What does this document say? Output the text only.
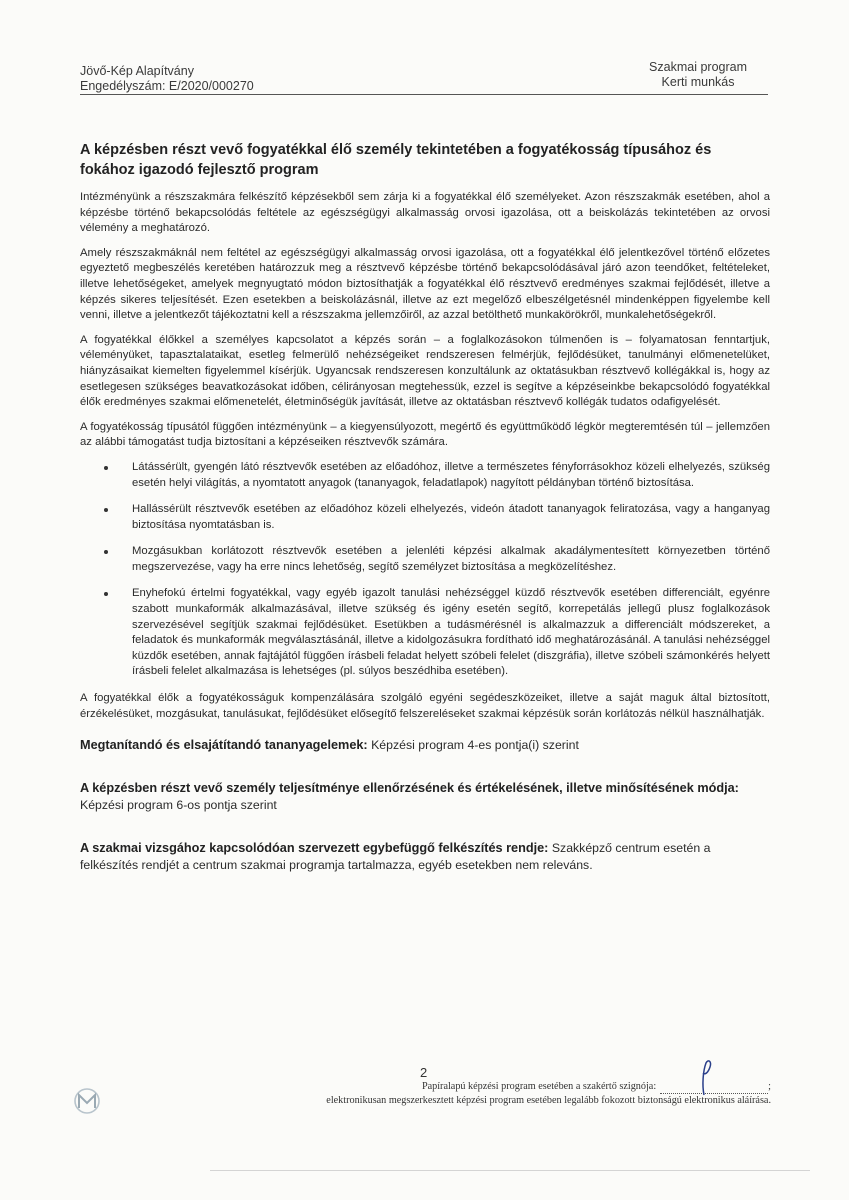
Jövő-Kép Alapítvány
Engedélyszám: E/2020/000270
Szakmai program
Kerti munkás
A képzésben részt vevő fogyatékkal élő személy tekintetében a fogyatékosság típusához és fokához igazodó fejlesztő program

Intézményünk a részszakmára felkészítő képzésekből sem zárja ki a fogyatékkal élő személyeket. Azon részszakmák esetében, ahol a képzésbe történő bekapcsolódás feltétele az egészségügyi alkalmasság orvosi igazolása, ott a beiskolázás tekintetében az orvosi vélemény a meghatározó.

Amely részszakmáknál nem feltétel az egészségügyi alkalmasság orvosi igazolása, ott a fogyatékkal élő jelentkezővel történő előzetes egyeztető megbeszélés keretében határozzuk meg a résztvevő képzésbe történő bekapcsolódásával járó azon teendőket, feltételeket, illetve lehetőségeket, amelyek megnyugtató módon biztosíthatják a fogyatékkal élő résztvevő eredményes szakmai fejlődését, illetve a képzés sikeres teljesítését. Ezen esetekben a beiskolázásnál, illetve az ezt megelőző elbeszélgetésnél mindenképpen figyelembe kell venni, illetve a jelentkezőt tájékoztatni kell a részszakma jellemzőiről, az azzal betölthető munkakörökről, munkalehetőségekről.

A fogyatékkal élőkkel a személyes kapcsolatot a képzés során – a foglalkozásokon túlmenően is – folyamatosan fenntartjuk, véleményüket, tapasztalataikat, esetleg felmerülő nehézségeiket rendszeresen felmérjük, fejlődésüket, tanulmányi előmenetelüket, hiányzásaikat kiemelten figyelemmel kísérjük. Ugyancsak rendszeresen konzultálunk az oktatásukban résztvevő kollégákkal is, hogy az esetlegesen szükséges beavatkozásokat időben, célirányosan megtehessük, ezzel is segítve a képzéseinkbe bekapcsolódó fogyatékkal élők eredményes szakmai előmenetelét, életminőségük javítását, illetve az oktatásban résztvevő kollégák tudatos odafigyelését.

A fogyatékosság típusától függően intézményünk – a kiegyensúlyozott, megértő és együttműködő légkör megteremtésén túl – jellemzően az alábbi támogatást tudja biztosítani a képzéseiken résztvevők számára.

Látássérült, gyengén látó résztvevők esetében az előadóhoz, illetve a természetes fényforrásokhoz közeli elhelyezés, szükség esetén helyi világítás, a nyomtatott anyagok (tananyagok, feladatlapok) nagyított példányban történő biztosítása.
Hallássérült résztvevők esetében az előadóhoz közeli elhelyezés, videón átadott tananyagok feliratozása, vagy a hanganyag biztosítása nyomtatásban is.
Mozgásukban korlátozott résztvevők esetében a jelenléti képzési alkalmak akadálymentesített környezetben történő megszervezése, vagy ha erre nincs lehetőség, segítő személyzet biztosítása a megközelítéshez.
Enyhefokú értelmi fogyatékkal, vagy egyéb igazolt tanulási nehézséggel küzdő résztvevők esetében differenciált, egyénre szabott munkaformák alkalmazásával, illetve szükség és igény esetén segítő, korrepetálás jellegű plusz foglalkozások szervezésével segítjük szakmai fejlődésüket. Esetükben a tudásmérésnél is alkalmazzuk a differenciált módszereket, a feladatok és munkaformák megválasztásánál, illetve a kidolgozásukra fordítható idő meghatározásánál. A tanulási nehézséggel küzdők esetében, annak fajtájától függően írásbeli feladat helyett szóbeli felelet (diszgráfia), illetve szóbeli számonkérés helyett írásbeli felelet alkalmazása is lehetséges (pl. súlyos beszédhiba esetében).

A fogyatékkal élők a fogyatékosságuk kompenzálására szolgáló egyéni segédeszközeiket, illetve a saját maguk által biztosított, érzékelésüket, mozgásukat, tanulásukat, fejlődésüket elősegítő felszereléseket szakmai képzésük során korlátozás nélkül használhatják.

Megtanítandó és elsajátítandó tananyagelemek: Képzési program 4-es pontja(i) szerint

A képzésben részt vevő személy teljesítménye ellenőrzésének és értékelésének, illetve minősítésének módja:
Képzési program 6-os pontja szerint

A szakmai vizsgához kapcsolódóan szervezett egybefüggő felkészítés rendje: Szakképző centrum esetén a felkészítés rendjét a centrum szakmai programja tartalmazza, egyéb esetekben nem releváns.

2
Papíralapú képzési program esetében a szakértő szignója:	;
elektronikusan megszerkesztett képzési program esetében legalább fokozott biztonságú elektronikus aláírása.
